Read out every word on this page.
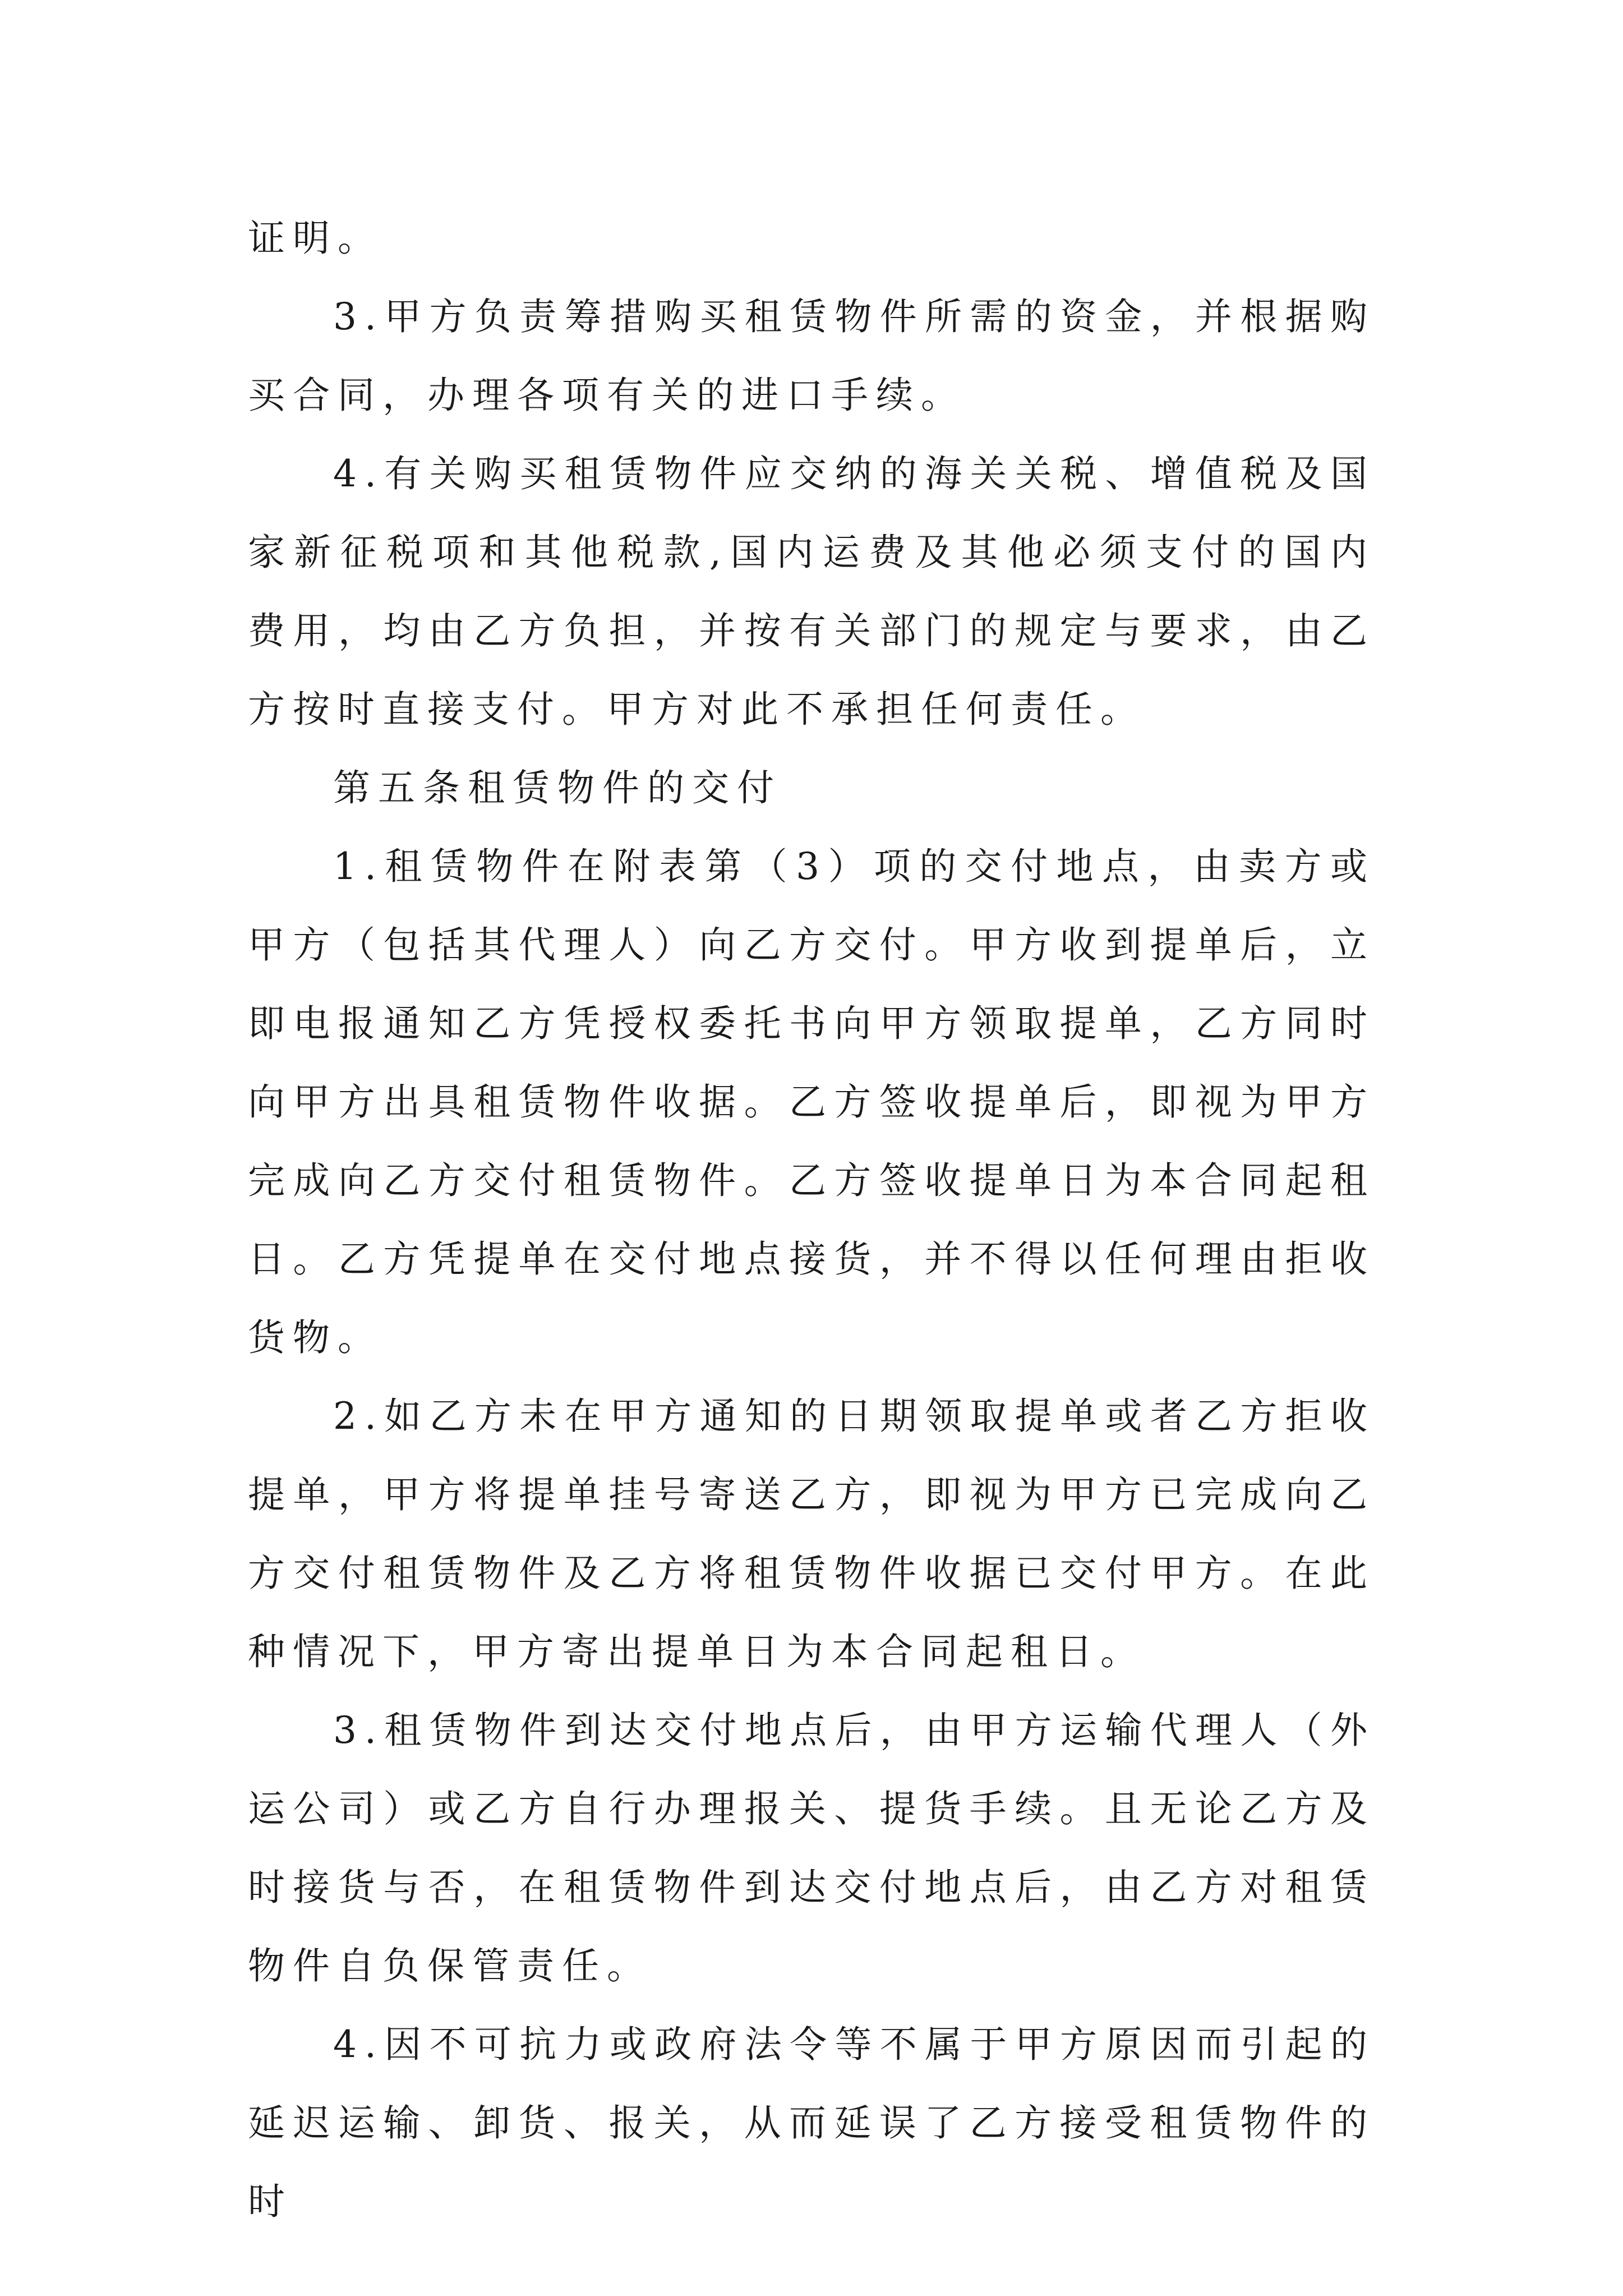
证明。

3.甲方负责筹措购买租赁物件所需的资金，并根据购买合同，办理各项有关的进口手续。

4.有关购买租赁物件应交纳的海关关税、增值税及国家新征税项和其他税款,国内运费及其他必须支付的国内费用，均由乙方负担，并按有关部门的规定与要求，由乙方按时直接支付。甲方对此不承担任何责任。

第五条租赁物件的交付

1.租赁物件在附表第（3）项的交付地点，由卖方或甲方（包括其代理人）向乙方交付。甲方收到提单后，立即电报通知乙方凭授权委托书向甲方领取提单，乙方同时向甲方出具租赁物件收据。乙方签收提单后，即视为甲方完成向乙方交付租赁物件。乙方签收提单日为本合同起租日。乙方凭提单在交付地点接货，并不得以任何理由拒收货物。

2.如乙方未在甲方通知的日期领取提单或者乙方拒收提单，甲方将提单挂号寄送乙方，即视为甲方已完成向乙方交付租赁物件及乙方将租赁物件收据已交付甲方。在此种情况下，甲方寄出提单日为本合同起租日。

3.租赁物件到达交付地点后，由甲方运输代理人（外运公司）或乙方自行办理报关、提货手续。且无论乙方及时接货与否，在租赁物件到达交付地点后，由乙方对租赁物件自负保管责任。

4.因不可抗力或政府法令等不属于甲方原因而引起的延迟运输、卸货、报关，从而延误了乙方接受租赁物件的时
